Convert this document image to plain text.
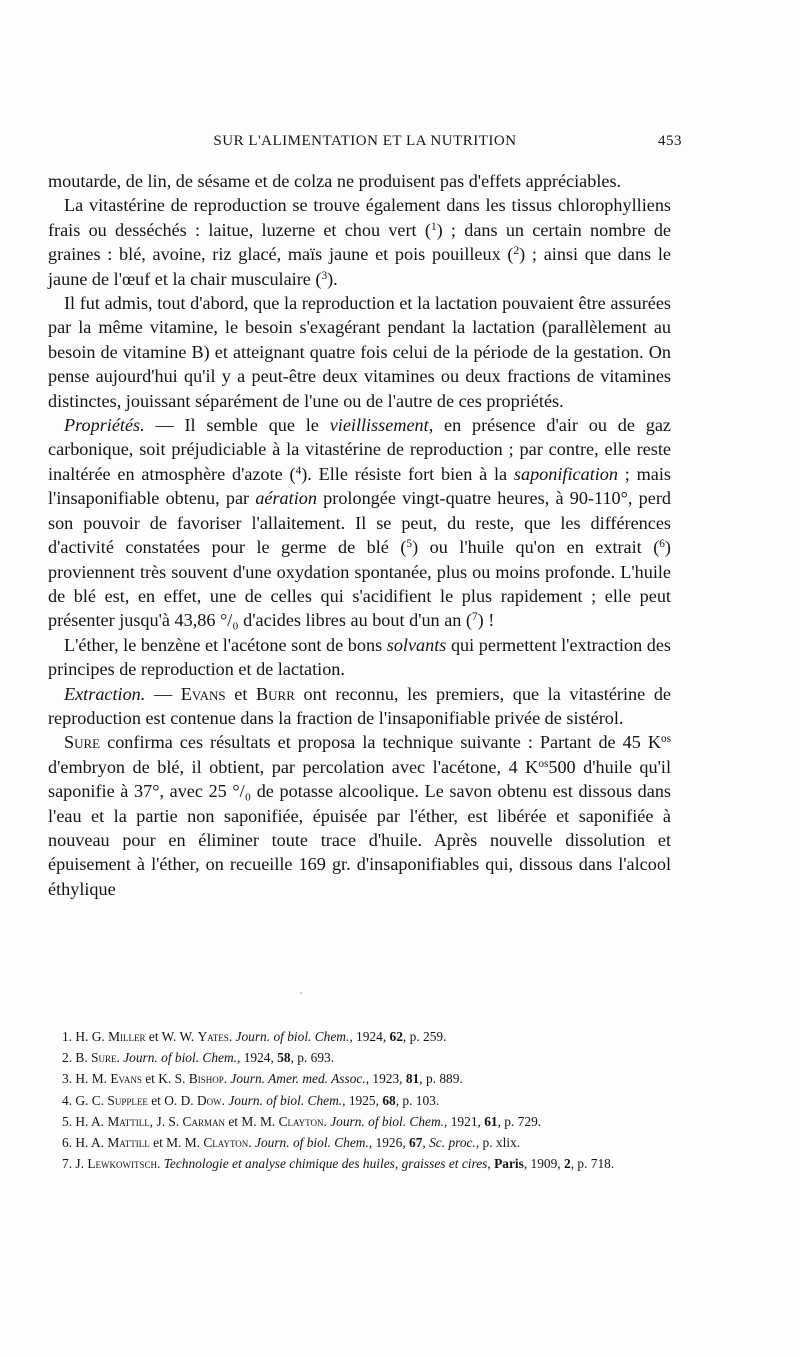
SUR L'ALIMENTATION ET LA NUTRITION	453

moutarde, de lin, de sésame et de colza ne produisent pas d'effets appréciables.

La vitastérine de reproduction se trouve également dans les tissus chlorophylliens frais ou desséchés : laitue, luzerne et chou vert ($^1$) ; dans un certain nombre de graines : blé, avoine, riz glacé, maïs jaune et pois pouilleux ($^2$) ; ainsi que dans le jaune de l'œuf et la chair musculaire ($^3$).

Il fut admis, tout d'abord, que la reproduction et la lactation pouvaient être assurées par la même vitamine, le besoin s'exagérant pendant la lactation (parallèlement au besoin de vitamine B) et atteignant quatre fois celui de la période de la gestation. On pense aujourd'hui qu'il y a peut-être deux vitamines ou deux fractions de vitamines distinctes, jouissant séparément de l'une ou de l'autre de ces propriétés.

Propriétés. — Il semble que le vieillissement, en présence d'air ou de gaz carbonique, soit préjudiciable à la vitastérine de reproduction ; par contre, elle reste inaltérée en atmosphère d'azote ($^4$). Elle résiste fort bien à la saponification ; mais l'insaponifiable obtenu, par aération prolongée vingt-quatre heures, à 90-110°, perd son pouvoir de favoriser l'allaitement. Il se peut, du reste, que les différences d'activité constatées pour le germe de blé ($^5$) ou l'huile qu'on en extrait ($^6$) proviennent très souvent d'une oxydation spontanée, plus ou moins profonde. L'huile de blé est, en effet, une de celles qui s'acidifient le plus rapidement ; elle peut présenter jusqu'à 43,86 °/₀ d'acides libres au bout d'un an ($^7$) !

L'éther, le benzène et l'acétone sont de bons solvants qui permettent l'extraction des principes de reproduction et de lactation.

Extraction. — Evans et Burr ont reconnu, les premiers, que la vitastérine de reproduction est contenue dans la fraction de l'insaponifiable privée de sistérol.

Sure confirma ces résultats et proposa la technique suivante : Partant de 45 $K^{os}$ d'embryon de blé, il obtient, par percolation avec l'acétone, 4 $K^{os}500$ d'huile qu'il saponifie à 37°, avec 25 °/₀ de potasse alcoolique. Le savon obtenu est dissous dans l'eau et la partie non saponifiée, épuisée par l'éther, est libérée et saponifiée à nouveau pour en éliminer toute trace d'huile. Après nouvelle dissolution et épuisement à l'éther, on recueille 169 gr. d'insaponifiables qui, dissous dans l'alcool éthylique

1. H. G. Miller et W. W. Yates. Journ. of biol. Chem., 1924, 62, p. 259.

2. B. Sure. Journ. of biol. Chem., 1924, 58, p. 693.

3. H. M. Evans et K. S. Bishop. Journ. Amer. med. Assoc., 1923, 81, p. 889.

4. G. C. Supplee et O. D. Dow. Journ. of biol. Chem., 1925, 68, p. 103.

5. H. A. Mattill, J. S. Carman et M. M. Clayton. Journ. of biol. Chem., 1921, 61, p. 729.

6. H. A. Mattill et M. M. Clayton. Journ. of biol. Chem., 1926, 67, Sc. proc., p. xlix.

7. J. Lewkowitsch. Technologie et analyse chimique des huiles, graisses et cires, Paris, 1909, 2, p. 718.
